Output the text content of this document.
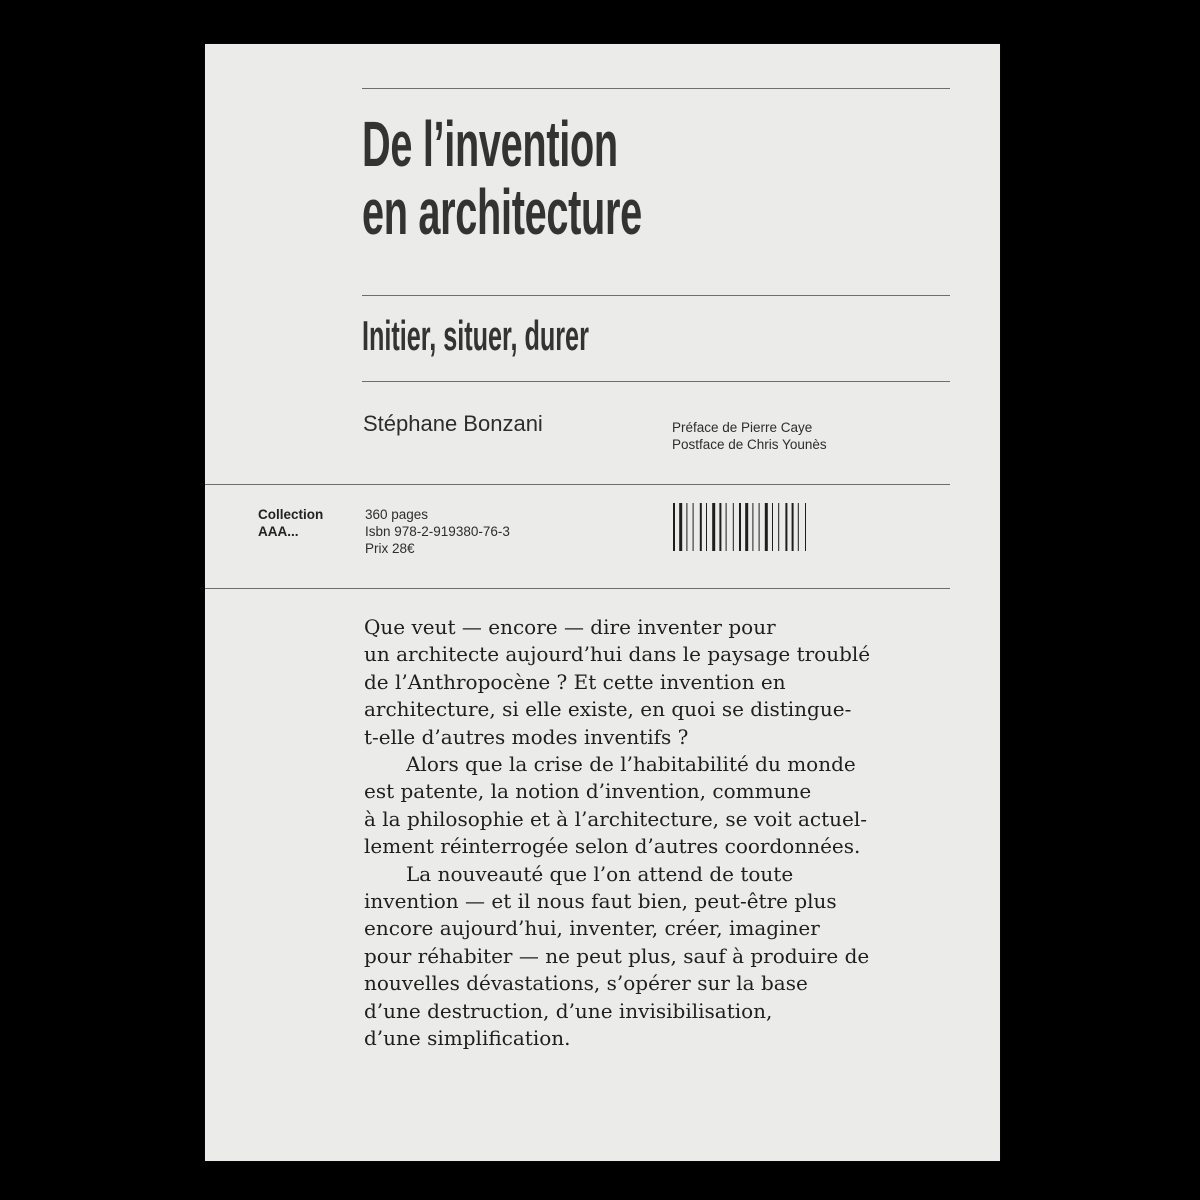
De l’invention
en architecture
Initier, situer, durer
Stéphane Bonzani	Préface de Pierre Caye
Postface de Chris Younès
Collection
AAA...
360 pages
Isbn 978-2-919380-76-3
Prix 28€
Que veut — encore — dire inventer pour
un architecte aujourd’hui dans le paysage troublé
de l’Anthropocène ? Et cette invention en
architecture, si elle existe, en quoi se distingue-
t-elle d’autres modes inventifs ?
Alors que la crise de l’habitabilité du monde
est patente, la notion d’invention, commune
à la philosophie et à l’architecture, se voit actuel-
lement réinterrogée selon d’autres coordonnées.
La nouveauté que l’on attend de toute
invention — et il nous faut bien, peut-être plus
encore aujourd’hui, inventer, créer, imaginer
pour réhabiter — ne peut plus, sauf à produire de
nouvelles dévastations, s’opérer sur la base
d’une destruction, d’une invisibilisation,
d’une simplification.
